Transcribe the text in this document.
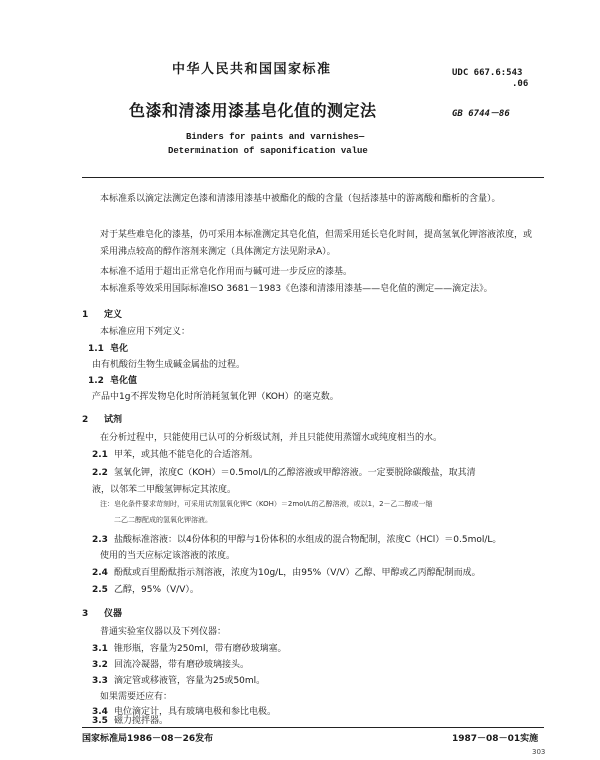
中华人民共和国国家标准	UDC 667.6:543
.06
色漆和清漆用漆基皂化值的测定法	GB 6744－86
Binders for paints and varnishes—
Determination of saponification value
本标准系以滴定法测定色漆和清漆用漆基中被酯化的酸的含量（包括漆基中的游离酸和酯析的含量）。
对于某些难皂化的漆基，仍可采用本标准测定其皂化值，但需采用延长皂化时间，提高氢氧化钾溶液浓度，或采用沸点较高的醇作溶剂来测定（具体测定方法见附录A）。
本标准不适用于超出正常皂化作用而与碱可进一步反应的漆基。
本标准系等效采用国际标准ISO 3681－1983《色漆和清漆用漆基——皂化值的测定——滴定法》。
1 定义
本标准应用下列定义：
1.1 皂化
由有机酸衍生物生成碱金属盐的过程。
1.2 皂化值
产品中1g不挥发物皂化时所消耗氢氧化钾（KOH）的毫克数。
2 试剂
在分析过程中，只能使用已认可的分析级试剂，并且只能使用蒸馏水或纯度相当的水。
2.1 甲苯，或其他不能皂化的合适溶剂。
2.2 氢氧化钾，浓度C（KOH）＝0.5mol/L的乙醇溶液或甲醇溶液。一定要脱除碳酸盐，取其清
液，以邻苯二甲酸氢钾标定其浓度。
注：皂化条件要求苛刻时，可采用试剂氢氧化钾C（KOH）＝2mol/L的乙醇溶液，或以1，2－乙二醇或一缩
二乙二醇配成的氢氧化钾溶液。
2.3 盐酸标准溶液：以4份体积的甲醇与1份体积的水组成的混合物配制，浓度C（HCl）＝0.5mol/L。
使用的当天应标定该溶液的浓度。
2.4 酚酞或百里酚酞指示剂溶液，浓度为10g/L，由95%（V/V）乙醇、甲醇或乙丙醇配制而成。
2.5 乙醇，95%（V/V）。
3 仪器
普通实验室仪器以及下列仪器：
3.1 锥形瓶，容量为250ml，带有磨砂玻璃塞。
3.2 回流冷凝器，带有磨砂玻璃接头。
3.3 滴定管或移液管，容量为25或50ml。
如果需要还应有：
3.4 电位滴定计，具有玻璃电极和参比电极。
国家标准局1986－08－26发布	1987－08－01实施
3.5 磁力搅拌器。
303
